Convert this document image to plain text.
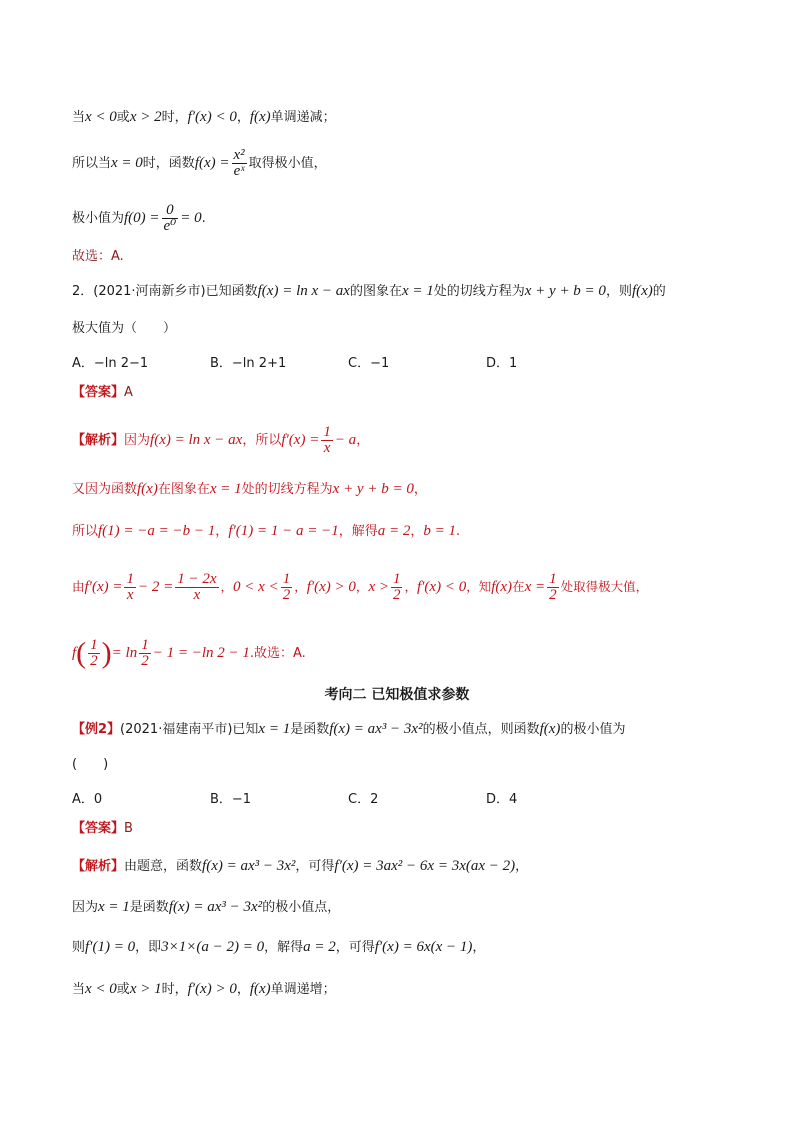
当x < 0或x > 2时，f′(x) < 0，f(x)单调递减；
所以当x = 0时，函数$f(x) = \frac{\text{x²}}{\text{eˣ}}$ 取得极小值，
极小值为$f(0) = \frac{0}{\text{e⁰}} = 0$.
故选：A.
2．(2021·河南新乡市)已知函数f(x) = ln x − ax的图象在x = 1处的切线方程为x + y + b = 0，则f(x)的
极大值为（　　）
A．−ln 2−1	B．−ln 2+1	C．−1	D．1
【答案】A
【解析】因为f(x) = ln x − ax，所以$f'(x) = \frac{1}{x} - a$，
又因为函数f(x)在图象在x = 1处的切线方程为x + y + b = 0，
所以f(1) = −a = −b − 1，f′(1) = 1 − a = −1，解得a = 2，b = 1.
由$f'(x) = \frac{1}{x} - 2 = \frac{1 - 2x}{x}$ ，$0 < x < \frac{1}{2}$ ，f′(x) > 0，$x > \frac{1}{2}$ ，f′(x) < 0，知f(x)在$x = \frac{1}{2}$ 处取得极大值，
$f( \frac{1}{2}$ )= $\ln \frac{1}{2} - 1 = -\ln$ 2 − 1.故选：A.
考向二 已知极值求参数
【例2】(2021·福建南平市)已知x = 1是函数f(x) = ax³ − 3x²的极小值点，则函数f(x)的极小值为
(　　)
A．0	B．−1	C．2	D．4
【答案】B
【解析】由题意，函数f(x) = ax³ − 3x²，可得f′(x) = 3ax² − 6x = 3x(ax − 2)，
因为x = 1是函数f(x) = ax³ − 3x²的极小值点，
则f′(1) = 0，即3×1×(a − 2) = 0，解得a = 2，可得f′(x) = 6x(x − 1)，
当x < 0或x > 1时，f′(x) > 0，f(x)单调递增；
